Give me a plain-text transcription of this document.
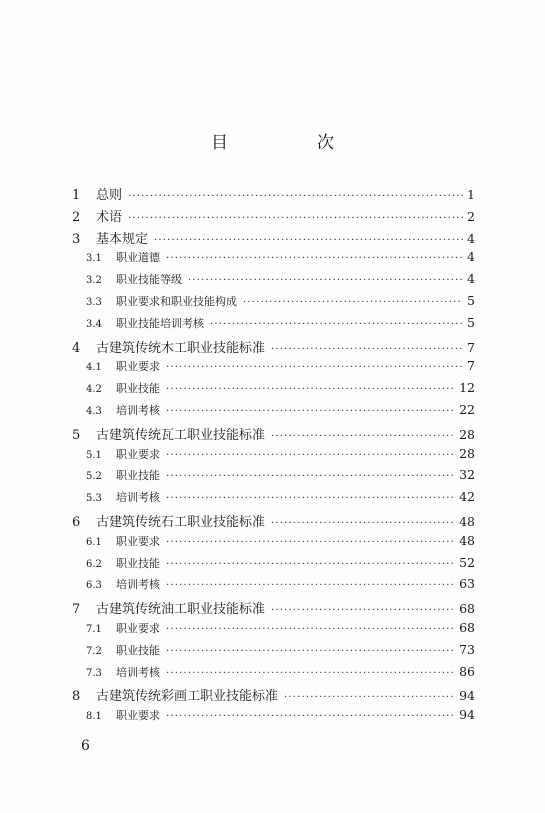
目　次
1	总则 ·····	1
2	术语 ·····	2
3	基本规定 ·····	4
3.1	职业道德 ·····	4
3.2	职业技能等级 ·····	4
3.3	职业要求和职业技能构成 ·····	5
3.4	职业技能培训考核 ·····	5
4	古建筑传统木工职业技能标准 ·····	7
4.1	职业要求 ·····	7
4.2	职业技能 ·····	12
4.3	培训考核 ·····	22
5	古建筑传统瓦工职业技能标准 ·····	28
5.1	职业要求 ·····	28
5.2	职业技能 ·····	32
5.3	培训考核 ·····	42
6	古建筑传统石工职业技能标准 ·····	48
6.1	职业要求 ·····	48
6.2	职业技能 ·····	52
6.3	培训考核 ·····	63
7	古建筑传统油工职业技能标准 ·····	68
7.1	职业要求 ·····	68
7.2	职业技能 ·····	73
7.3	培训考核 ·····	86
8	古建筑传统彩画工职业技能标准 ·····	94
8.1	职业要求 ·····	94
6
